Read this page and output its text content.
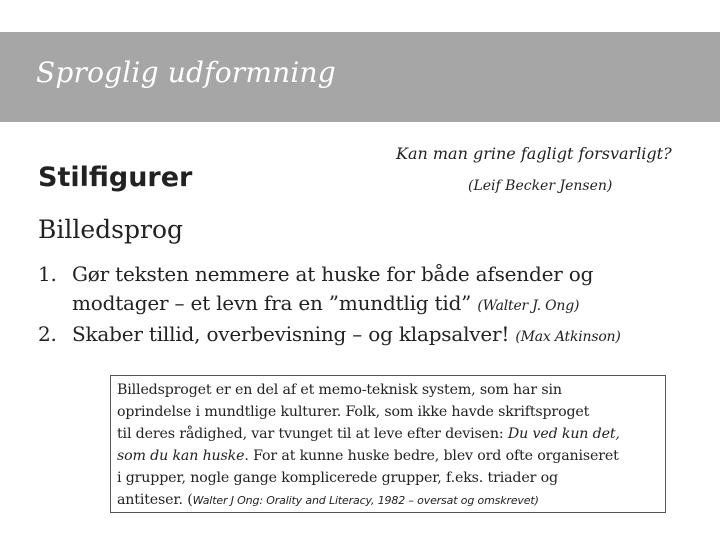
Sproglig udformning
Stilfigurer
Kan man grine fagligt forsvarligt?
(Leif Becker Jensen)
Billedsprog
1. Gør teksten nemmere at huske for både afsender og
modtager – et levn fra en ”mundtlig tid” (Walter J. Ong)
2. Skaber tillid, overbevisning – og klapsalver! (Max Atkinson)
Billedsproget er en del af et memo-teknisk system, som har sin
oprindelse i mundtlige kulturer. Folk, som ikke havde skriftsproget
til deres rådighed, var tvunget til at leve efter devisen: Du ved kun det,
som du kan huske. For at kunne huske bedre, blev ord ofte organiseret
i grupper, nogle gange komplicerede grupper, f.eks. triader og
antiteser. (Walter J Ong: Orality and Literacy, 1982 – oversat og omskrevet)
